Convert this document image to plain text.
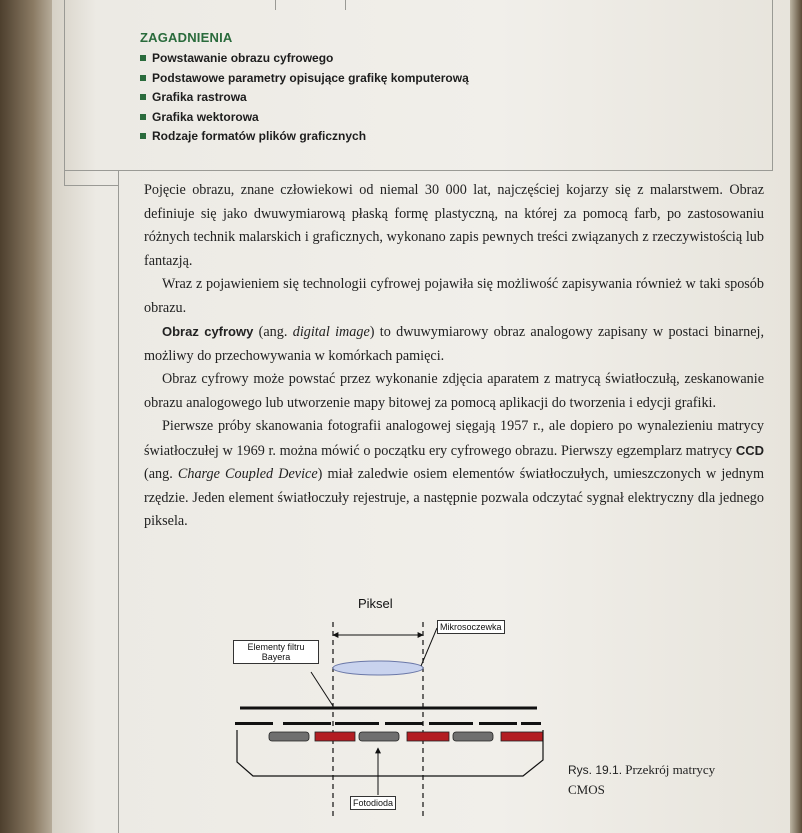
ZAGADNIENIA
Powstawanie obrazu cyfrowego
Podstawowe parametry opisujące grafikę komputerową
Grafika rastrowa
Grafika wektorowa
Rodzaje formatów plików graficznych

Pojęcie obrazu, znane człowiekowi od niemal 30 000 lat, najczęściej kojarzy się z malarstwem. Obraz definiuje się jako dwuwymiarową płaską formę plastyczną, na której za pomocą farb, po zastosowaniu różnych technik malarskich i graficznych, wykonano zapis pewnych treści związanych z rzeczywistością lub fantazją.

Wraz z pojawieniem się technologii cyfrowej pojawiła się możliwość zapisywania również w taki sposób obrazu.

Obraz cyfrowy (ang. digital image) to dwuwymiarowy obraz analogowy zapisany w postaci binarnej, możliwy do przechowywania w komórkach pamięci.

Obraz cyfrowy może powstać przez wykonanie zdjęcia aparatem z matrycą światłoczułą, zeskanowanie obrazu analogowego lub utworzenie mapy bitowej za pomocą aplikacji do tworzenia i edycji grafiki.

Pierwsze próby skanowania fotografii analogowej sięgają 1957 r., ale dopiero po wynalezieniu matrycy światłoczułej w 1969 r. można mówić o początku ery cyfrowego obrazu. Pierwszy egzemplarz matrycy CCD (ang. Charge Coupled Device) miał zaledwie osiem elementów światłoczułych, umieszczonych w jednym rzędzie. Jeden element światłoczuły rejestruje, a następnie pozwala odczytać sygnał elektryczny dla jednego piksela.

Piksel
Mikrosoczewka
Elementy filtru
Bayera
Fotodioda
Rys. 19.1. Przekrój matrycy CMOS
